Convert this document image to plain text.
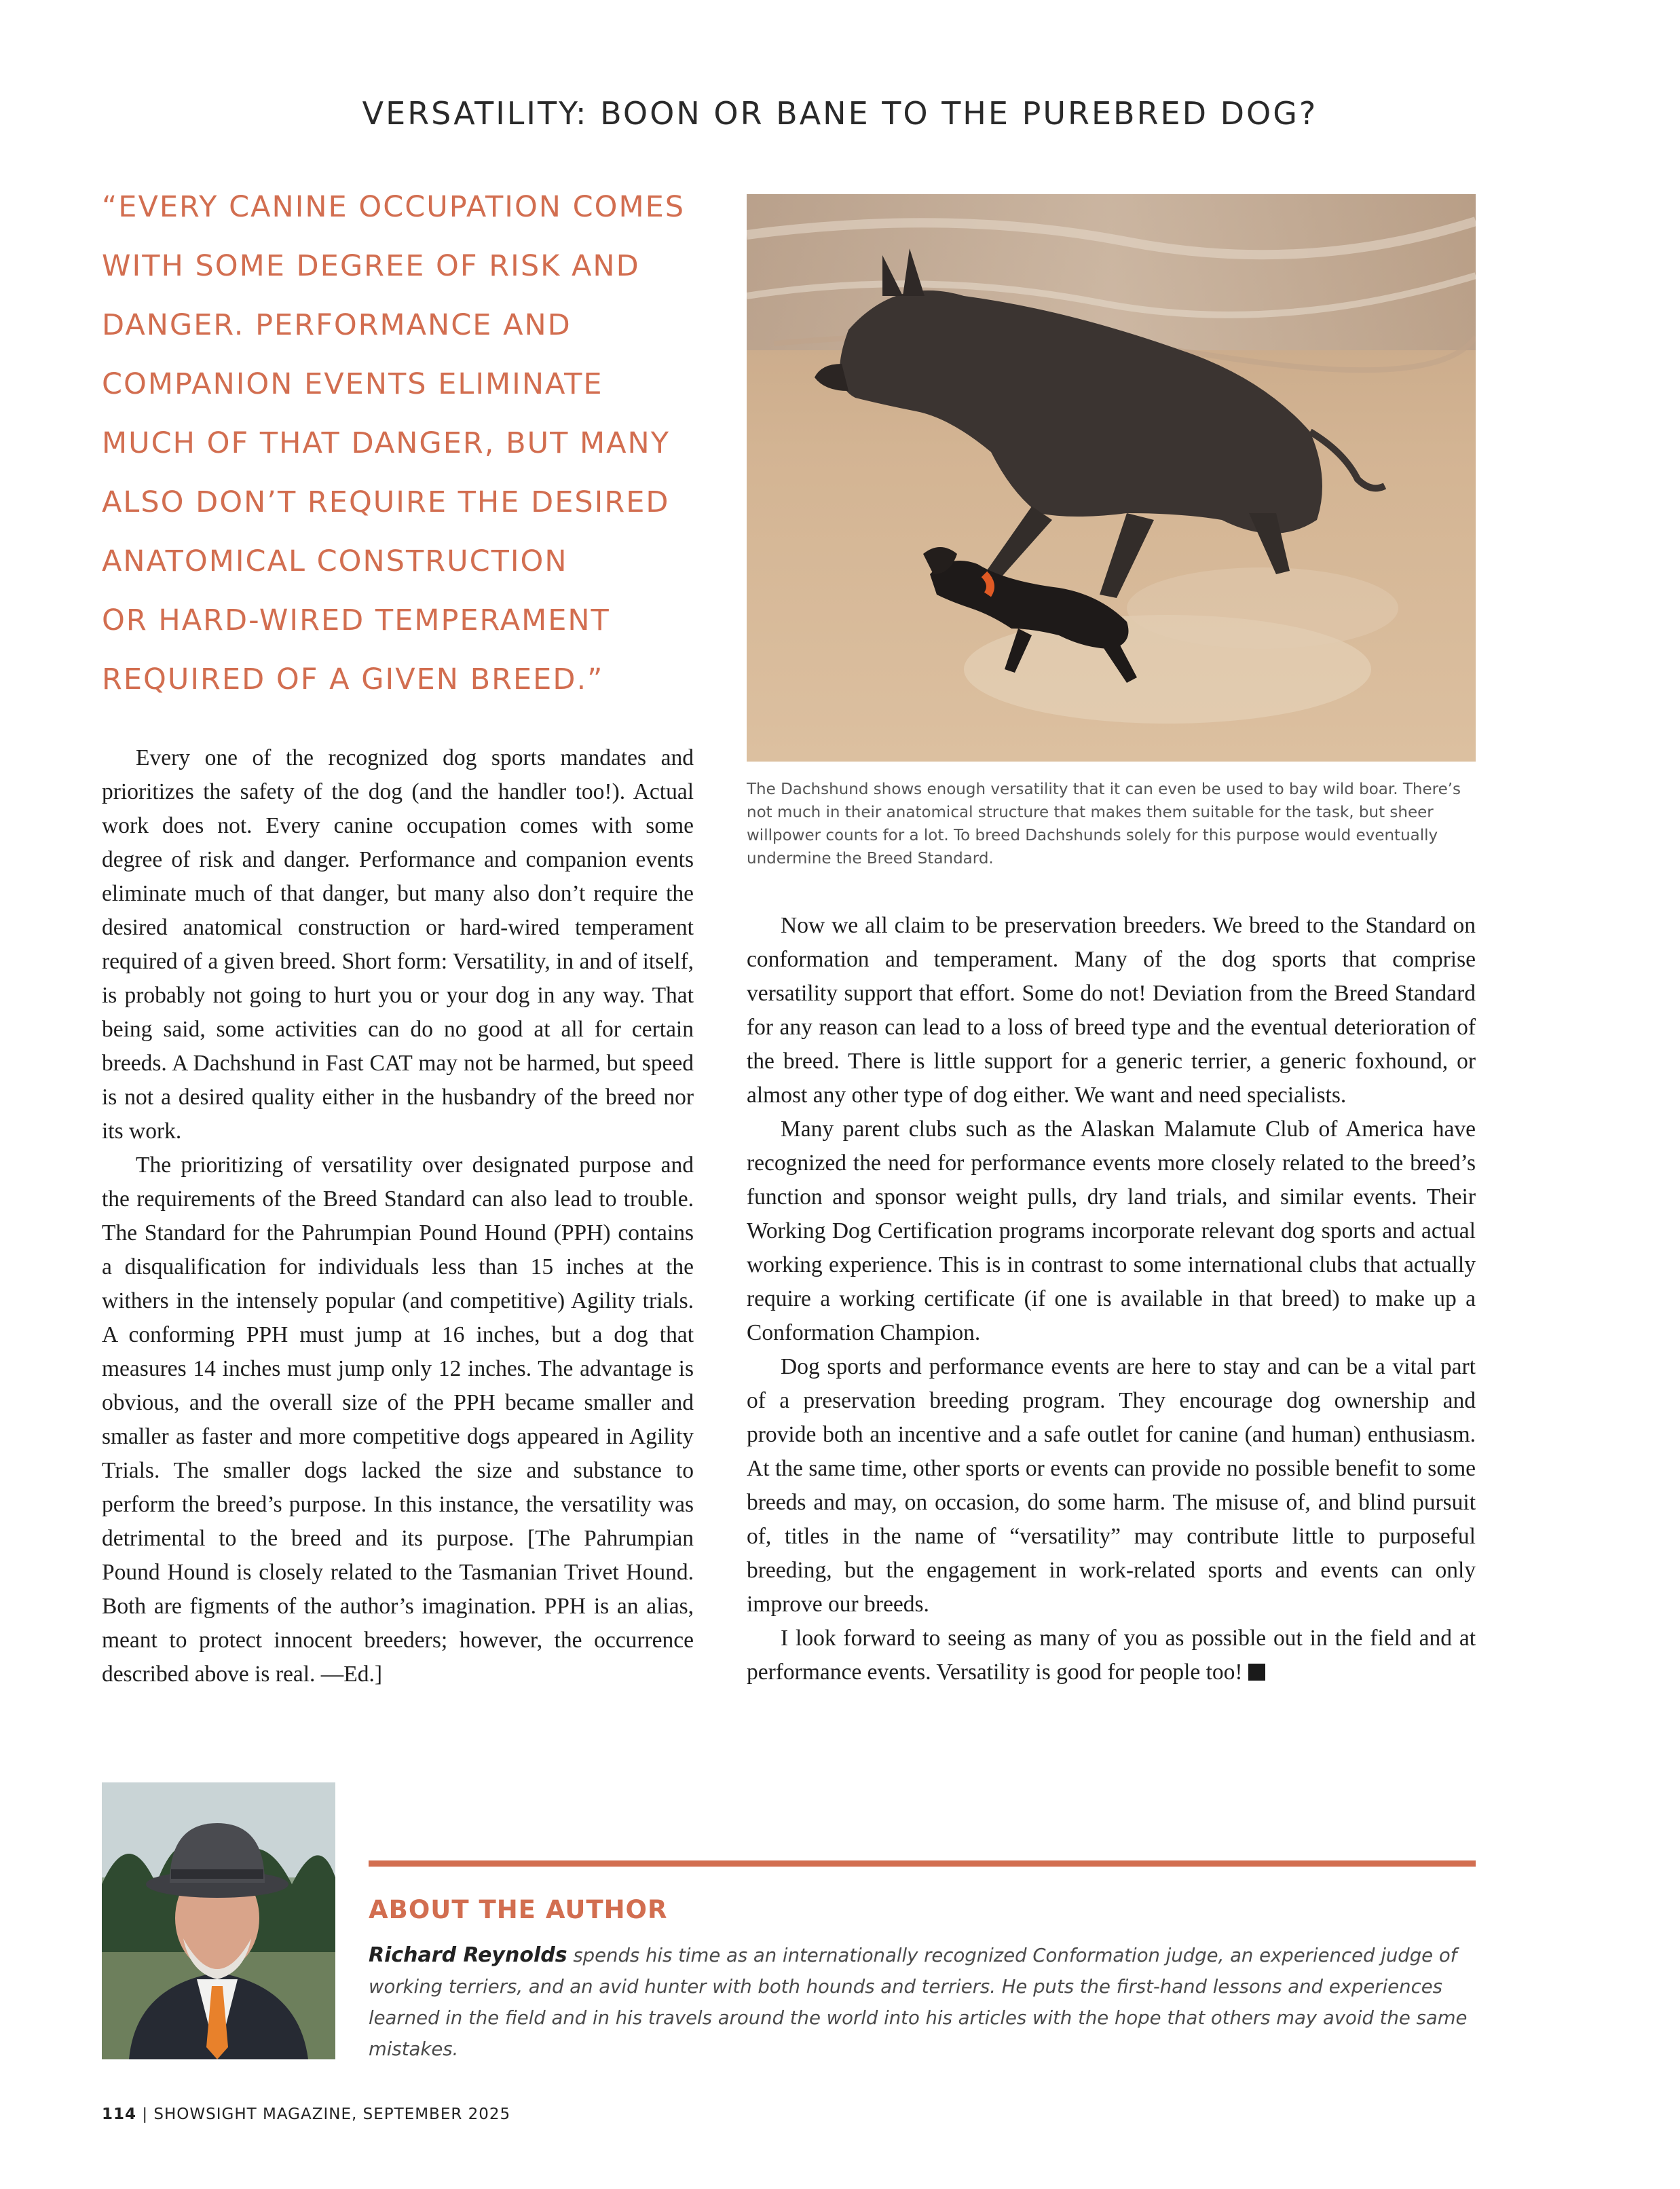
VERSATILITY: BOON OR BANE TO THE PUREBRED DOG?
“EVERY CANINE OCCUPATION COMES
WITH SOME DEGREE OF RISK AND
DANGER. PERFORMANCE AND
COMPANION EVENTS ELIMINATE
MUCH OF THAT DANGER, BUT MANY
ALSO DON’T REQUIRE THE DESIRED
ANATOMICAL CONSTRUCTION
OR HARD-WIRED TEMPERAMENT
REQUIRED OF A GIVEN BREED.”

The Dachshund shows enough versatility that it can even be used to bay wild boar. There’s not much in their anatomical structure that makes them suitable for the task, but sheer willpower counts for a lot. To breed Dachshunds solely for this purpose would eventually undermine the Breed Standard.

Every one of the recognized dog sports mandates and prioritizes the safety of the dog (and the handler too!). Actual work does not. Every canine occupation comes with some degree of risk and danger. Performance and companion events eliminate much of that danger, but many also don’t require the desired anatomical construction or hard-wired temperament required of a given breed. Short form: Versatility, in and of itself, is probably not going to hurt you or your dog in any way. That being said, some activities can do no good at all for certain breeds. A Dachshund in Fast CAT may not be harmed, but speed is not a desired quality either in the husbandry of the breed nor its work.

The prioritizing of versatility over designated purpose and the requirements of the Breed Standard can also lead to trouble. The Standard for the Pahrumpian Pound Hound (PPH) contains a disqualification for individuals less than 15 inches at the withers in the intensely popular (and competitive) Agility trials. A conforming PPH must jump at 16 inches, but a dog that measures 14 inches must jump only 12 inches. The advantage is obvious, and the overall size of the PPH became smaller and smaller as faster and more competitive dogs appeared in Agility Trials. The smaller dogs lacked the size and substance to perform the breed’s purpose. In this instance, the versatility was detrimental to the breed and its purpose. [The Pahrumpian Pound Hound is closely related to the Tasmanian Trivet Hound. Both are figments of the author’s imagination. PPH is an alias, meant to protect innocent breeders; however, the occurrence described above is real. —Ed.]

Now we all claim to be preservation breeders. We breed to the Standard on conformation and temperament. Many of the dog sports that comprise versatility support that effort. Some do not! Deviation from the Breed Standard for any reason can lead to a loss of breed type and the eventual deterioration of the breed. There is little support for a generic terrier, a generic foxhound, or almost any other type of dog either. We want and need specialists.

Many parent clubs such as the Alaskan Malamute Club of America have recognized the need for performance events more closely related to the breed’s function and sponsor weight pulls, dry land trials, and similar events. Their Working Dog Certification programs incorporate relevant dog sports and actual working experience. This is in contrast to some international clubs that actually require a working certificate (if one is available in that breed) to make up a Conformation Champion.

Dog sports and performance events are here to stay and can be a vital part of a preservation breeding program. They encourage dog ownership and provide both an incentive and a safe outlet for canine (and human) enthusiasm. At the same time, other sports or events can provide no possible benefit to some breeds and may, on occasion, do some harm. The misuse of, and blind pursuit of, titles in the name of “versatility” may contribute little to purposeful breeding, but the engagement in work-related sports and events can only improve our breeds.

I look forward to seeing as many of you as possible out in the field and at performance events. Versatility is good for people too!

ABOUT THE AUTHOR

Richard Reynolds spends his time as an internationally recognized Conformation judge, an experienced judge of working terriers, and an avid hunter with both hounds and terriers. He puts the first-hand lessons and experiences learned in the field and in his travels around the world into his articles with the hope that others may avoid the same mistakes.

114 | SHOWSIGHT MAGAZINE, SEPTEMBER 2025
